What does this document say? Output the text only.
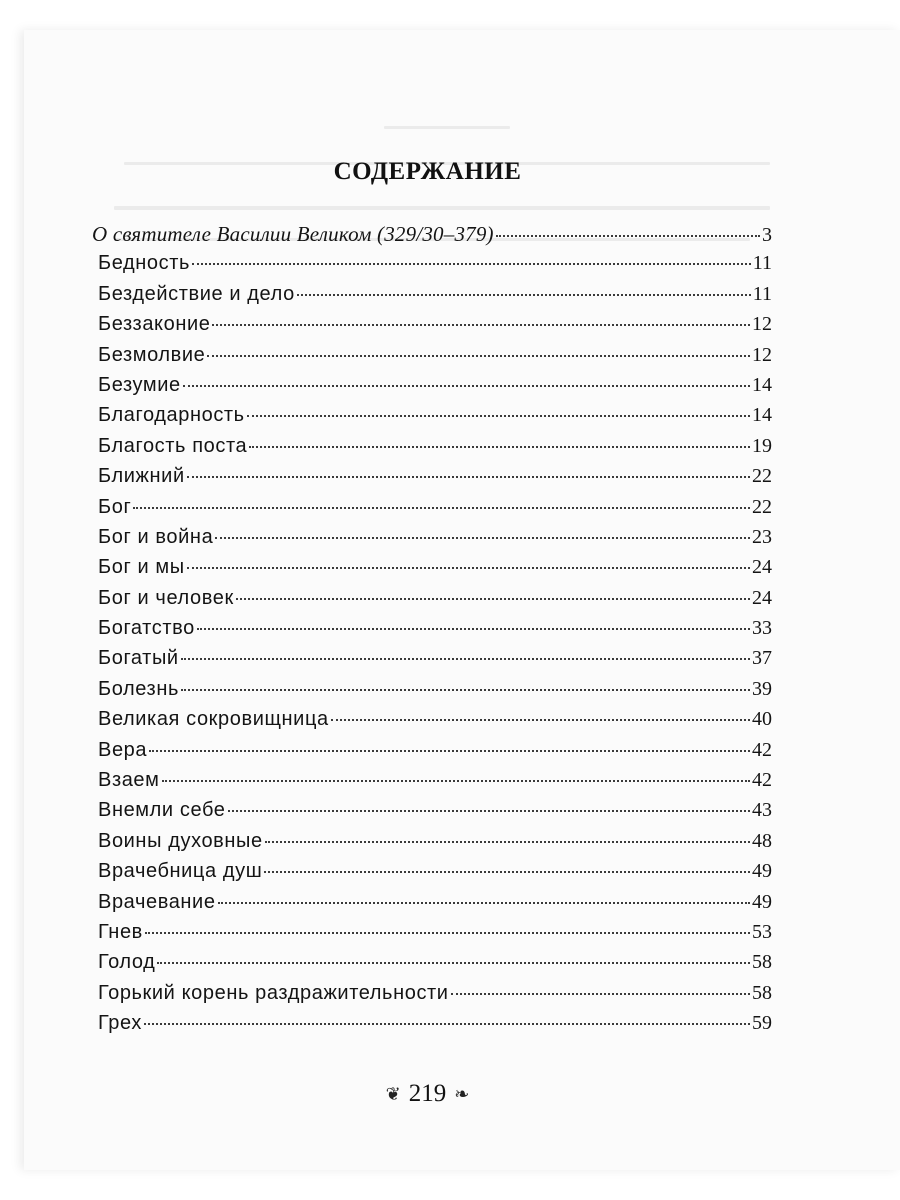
СОДЕРЖАНИЕ
О святителе Василии Великом (329/30–379)	3
Бедность	11
Бездействие и дело	11
Беззаконие	12
Безмолвие	12
Безумие	14
Благодарность	14
Благость поста	19
Ближний	22
Бог	22
Бог и война	23
Бог и мы	24
Бог и человек	24
Богатство	33
Богатый	37
Болезнь	39
Великая сокровищница	40
Вера	42
Взаем	42
Внемли себе	43
Воины духовные	48
Врачебница душ	49
Врачевание	49
Гнев	53
Голод	58
Горький корень раздражительности	58
Грех	59
❦ 219 ❧
